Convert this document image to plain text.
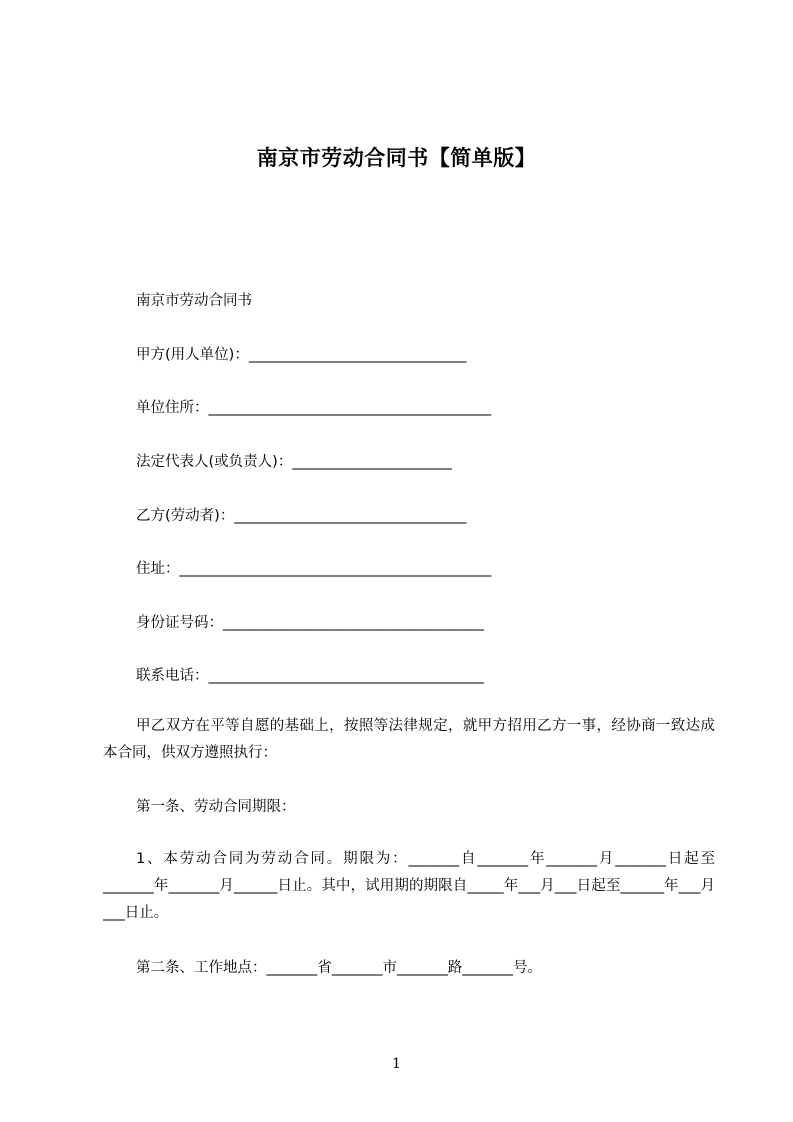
南京市劳动合同书【简单版】
南京市劳动合同书
甲方(用人单位)：______________________________
单位住所：_______________________________________
法定代表人(或负责人)：______________________
乙方(劳动者)：________________________________
住址：___________________________________________
身份证号码：____________________________________
联系电话：______________________________________
甲乙双方在平等自愿的基础上，按照等法律规定，就甲方招用乙方一事，经协商一致达成本合同，供双方遵照执行：
第一条、劳动合同期限：
1、本劳动合同为劳动合同。期限为：_______自_______年_______月_______日起至_______年_______月______日止。其中，试用期的期限自_____年___月___日起至______年___月___日止。
第二条、工作地点：_______省_______市_______路_______号。
1
